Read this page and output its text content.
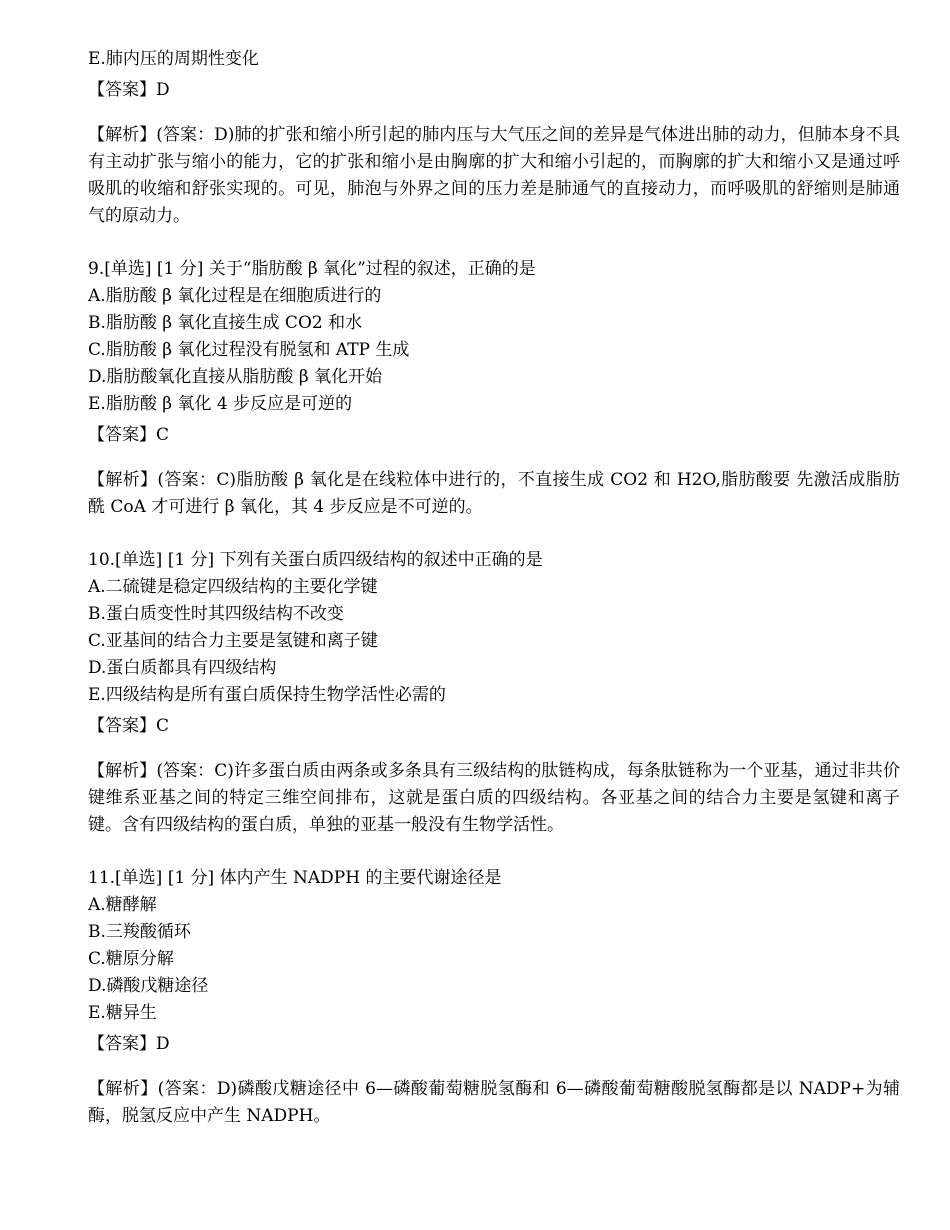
E.肺内压的周期性变化
【答案】D
【解析】(答案：D)肺的扩张和缩小所引起的肺内压与大气压之间的差异是气体进出肺的动力，但肺本身不具有主动扩张与缩小的能力，它的扩张和缩小是由胸廓的扩大和缩小引起的，而胸廓的扩大和缩小又是通过呼吸肌的收缩和舒张实现的。可见，肺泡与外界之间的压力差是肺通气的直接动力，而呼吸肌的舒缩则是肺通气的原动力。
9.[单选] [1 分] 关于“脂肪酸 β 氧化”过程的叙述，正确的是
A.脂肪酸 β 氧化过程是在细胞质进行的
B.脂肪酸 β 氧化直接生成 CO2 和水
C.脂肪酸 β 氧化过程没有脱氢和 ATP 生成
D.脂肪酸氧化直接从脂肪酸 β 氧化开始
E.脂肪酸 β 氧化 4 步反应是可逆的
【答案】C
【解析】(答案：C)脂肪酸 β 氧化是在线粒体中进行的，不直接生成 CO2 和 H2O,脂肪酸要 先激活成脂肪酰 CoA 才可进行 β 氧化，其 4 步反应是不可逆的。
10.[单选] [1 分] 下列有关蛋白质四级结构的叙述中正确的是
A.二硫键是稳定四级结构的主要化学键
B.蛋白质变性时其四级结构不改变
C.亚基间的结合力主要是氢键和离子键
D.蛋白质都具有四级结构
E.四级结构是所有蛋白质保持生物学活性必需的
【答案】C
【解析】(答案：C)许多蛋白质由两条或多条具有三级结构的肽链构成，每条肽链称为一个亚基，通过非共价键维系亚基之间的特定三维空间排布，这就是蛋白质的四级结构。各亚基之间的结合力主要是氢键和离子键。含有四级结构的蛋白质，单独的亚基一般没有生物学活性。
11.[单选] [1 分] 体内产生 NADPH 的主要代谢途径是
A.糖酵解
B.三羧酸循环
C.糖原分解
D.磷酸戊糖途径
E.糖异生
【答案】D
【解析】(答案：D)磷酸戊糖途径中 6—磷酸葡萄糖脱氢酶和 6—磷酸葡萄糖酸脱氢酶都是以 NADP+为辅酶，脱氢反应中产生 NADPH。
